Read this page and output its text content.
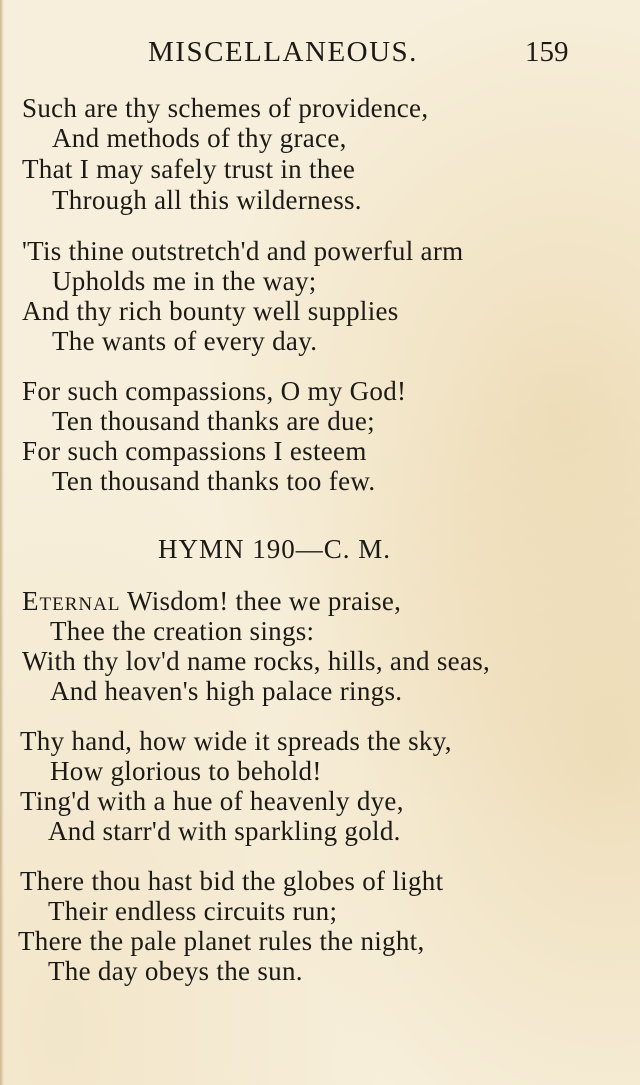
MISCELLANEOUS.	159
Such are thy schemes of providence,
And methods of thy grace,
That I may safely trust in thee
Through all this wilderness.
'Tis thine outstretch'd and powerful arm
Upholds me in the way;
And thy rich bounty well supplies
The wants of every day.
For such compassions, O my God!
Ten thousand thanks are due;
For such compassions I esteem
Ten thousand thanks too few.
HYMN 190—C. M.
Eternal Wisdom! thee we praise,
Thee the creation sings:
With thy lov'd name rocks, hills, and seas,
And heaven's high palace rings.
Thy hand, how wide it spreads the sky,
How glorious to behold!
Ting'd with a hue of heavenly dye,
And starr'd with sparkling gold.
There thou hast bid the globes of light
Their endless circuits run;
There the pale planet rules the night,
The day obeys the sun.
